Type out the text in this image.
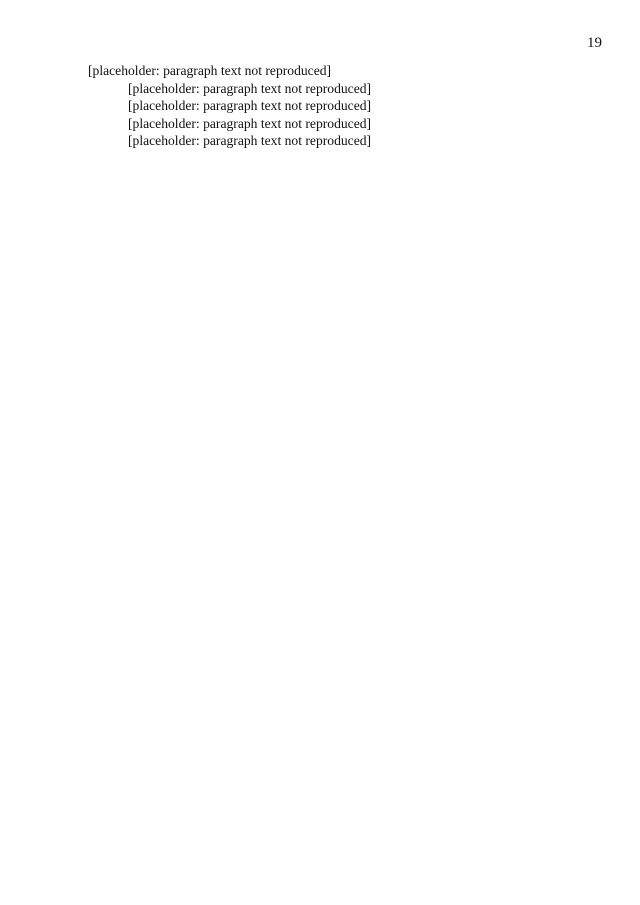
19

[placeholder: paragraph text not reproduced]

[placeholder: paragraph text not reproduced]

[placeholder: paragraph text not reproduced]

[placeholder: paragraph text not reproduced]

[placeholder: paragraph text not reproduced]
